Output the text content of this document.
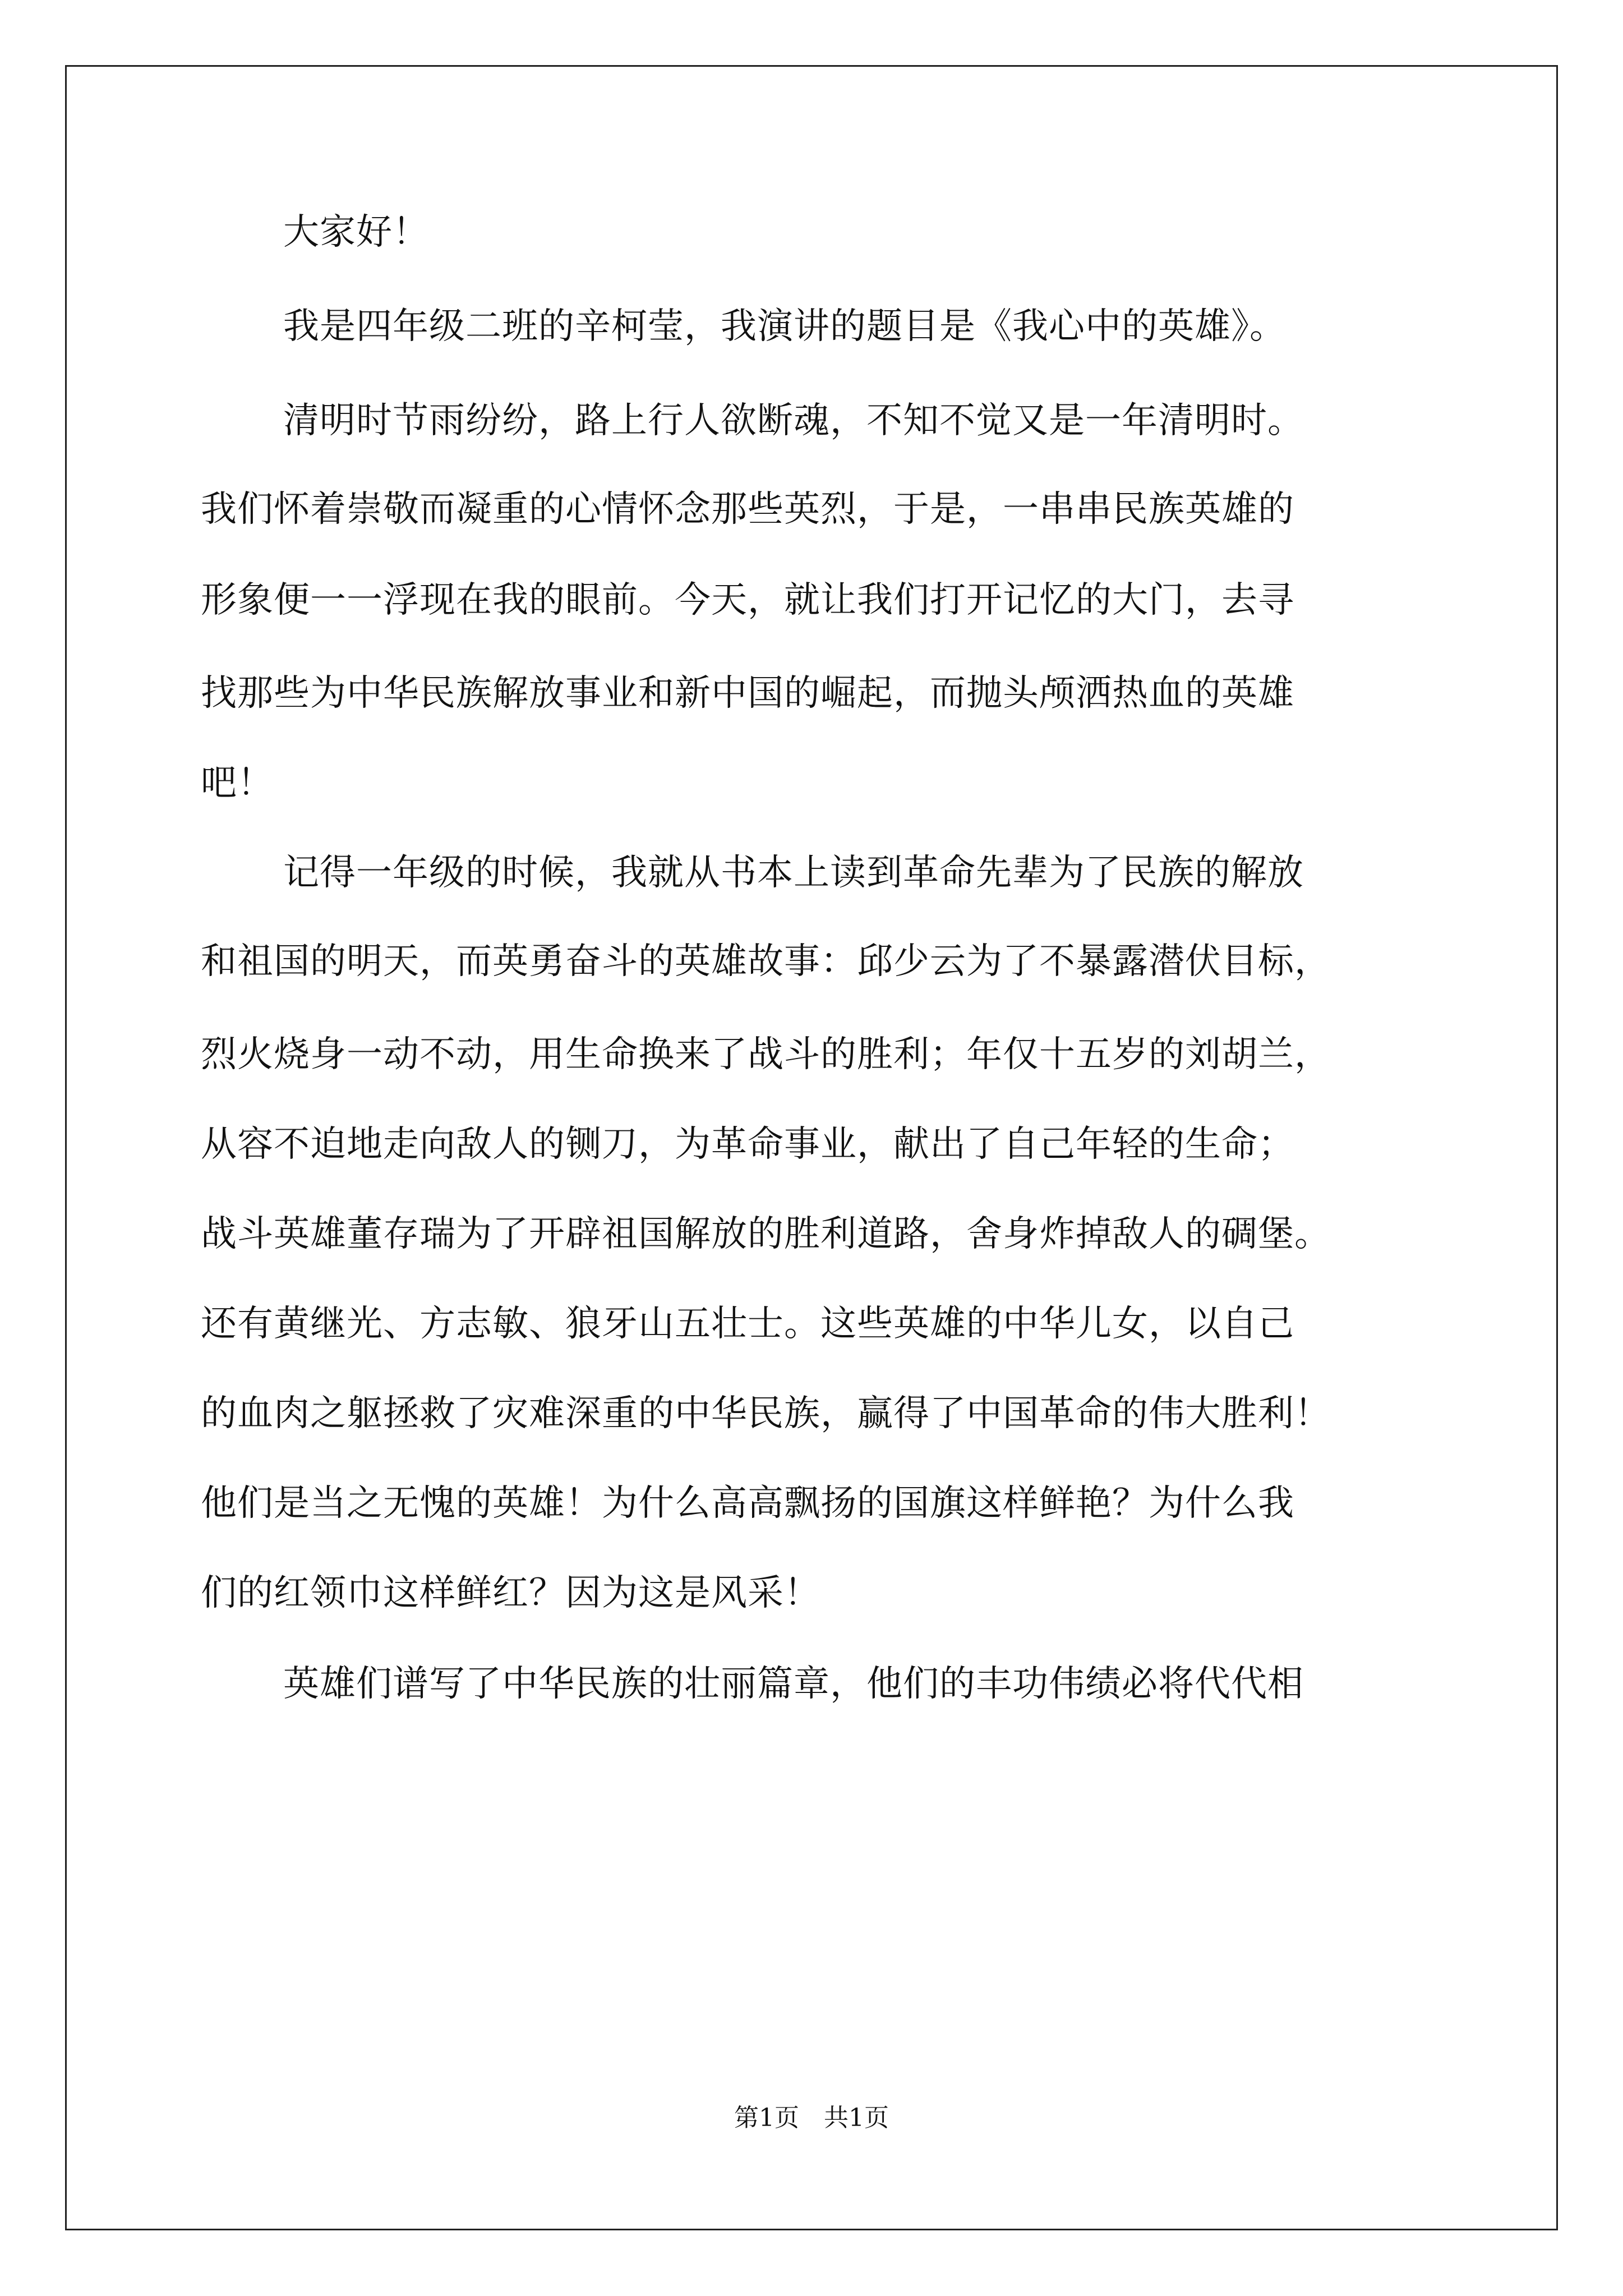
大家好！
我是四年级二班的辛柯莹，我演讲的题目是《我心中的英雄》。
清明时节雨纷纷，路上行人欲断魂，不知不觉又是一年清明时。
我们怀着崇敬而凝重的心情怀念那些英烈，于是，一串串民族英雄的
形象便一一浮现在我的眼前。今天，就让我们打开记忆的大门，去寻
找那些为中华民族解放事业和新中国的崛起，而抛头颅洒热血的英雄
吧！
记得一年级的时候，我就从书本上读到革命先辈为了民族的解放
和祖国的明天，而英勇奋斗的英雄故事：邱少云为了不暴露潜伏目标，
烈火烧身一动不动，用生命换来了战斗的胜利；年仅十五岁的刘胡兰，
从容不迫地走向敌人的铡刀，为革命事业，献出了自己年轻的生命；
战斗英雄董存瑞为了开辟祖国解放的胜利道路，舍身炸掉敌人的碉堡。
还有黄继光、方志敏、狼牙山五壮士。这些英雄的中华儿女，以自己
的血肉之躯拯救了灾难深重的中华民族，赢得了中国革命的伟大胜利！
他们是当之无愧的英雄！为什么高高飘扬的国旗这样鲜艳？为什么我
们的红领巾这样鲜红？因为这是风采！
英雄们谱写了中华民族的壮丽篇章，他们的丰功伟绩必将代代相
第1页 共1页
